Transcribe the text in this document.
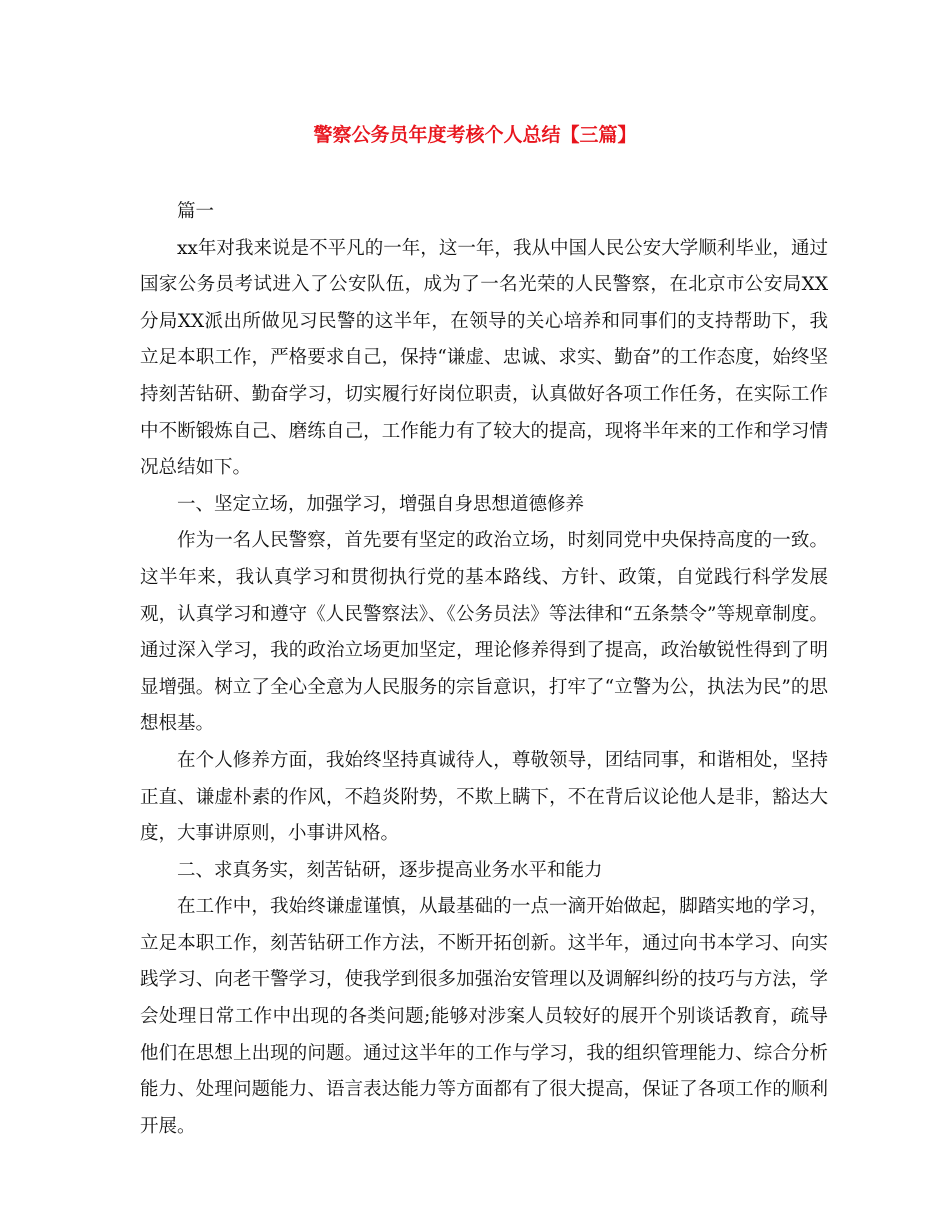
警察公务员年度考核个人总结【三篇】

篇一

xx年对我来说是不平凡的一年，这一年，我从中国人民公安大学顺利毕业，通过国家公务员考试进入了公安队伍，成为了一名光荣的人民警察，在北京市公安局XX分局XX派出所做见习民警的这半年，在领导的关心培养和同事们的支持帮助下，我立足本职工作，严格要求自己，保持“谦虚、忠诚、求实、勤奋”的工作态度，始终坚持刻苦钻研、勤奋学习，切实履行好岗位职责，认真做好各项工作任务，在实际工作中不断锻炼自己、磨练自己，工作能力有了较大的提高，现将半年来的工作和学习情况总结如下。

一、坚定立场，加强学习，增强自身思想道德修养

作为一名人民警察，首先要有坚定的政治立场，时刻同党中央保持高度的一致。这半年来，我认真学习和贯彻执行党的基本路线、方针、政策，自觉践行科学发展观，认真学习和遵守《人民警察法》、《公务员法》等法律和“五条禁令”等规章制度。通过深入学习，我的政治立场更加坚定，理论修养得到了提高，政治敏锐性得到了明显增强。树立了全心全意为人民服务的宗旨意识，打牢了“立警为公，执法为民”的思想根基。

在个人修养方面，我始终坚持真诚待人，尊敬领导，团结同事，和谐相处，坚持正直、谦虚朴素的作风，不趋炎附势，不欺上瞒下，不在背后议论他人是非，豁达大度，大事讲原则，小事讲风格。

二、求真务实，刻苦钻研，逐步提高业务水平和能力

在工作中，我始终谦虚谨慎，从最基础的一点一滴开始做起，脚踏实地的学习，立足本职工作，刻苦钻研工作方法，不断开拓创新。这半年，通过向书本学习、向实践学习、向老干警学习，使我学到很多加强治安管理以及调解纠纷的技巧与方法，学会处理日常工作中出现的各类问题;能够对涉案人员较好的展开个别谈话教育，疏导他们在思想上出现的问题。通过这半年的工作与学习，我的组织管理能力、综合分析能力、处理问题能力、语言表达能力等方面都有了很大提高，保证了各项工作的顺利开展。
